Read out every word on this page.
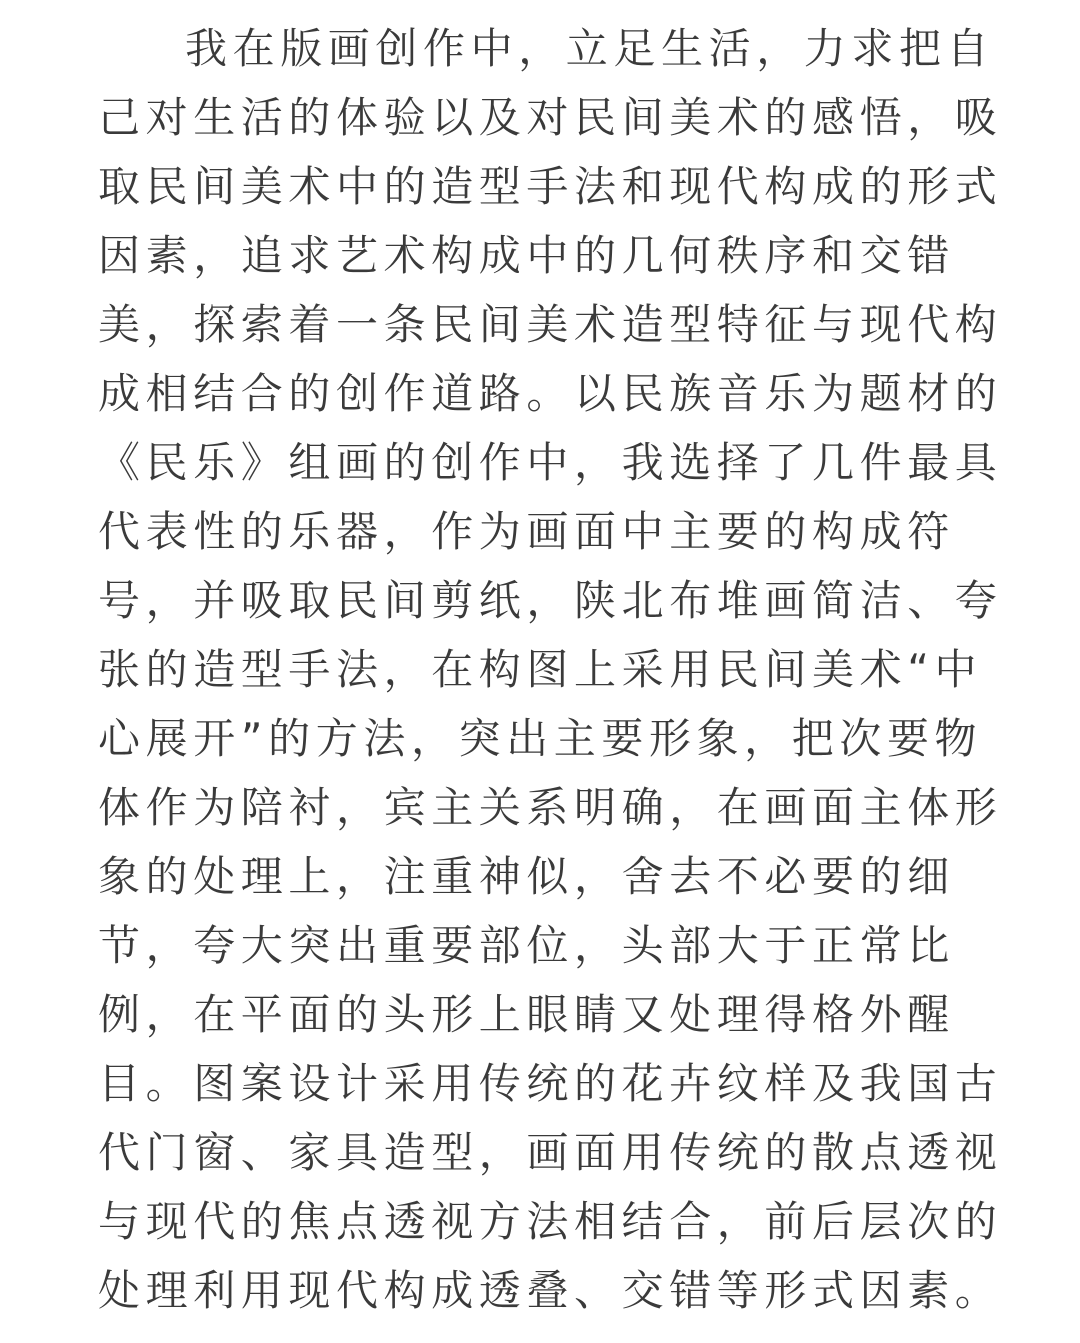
我在版画创作中，立足生活，力求把自
己对生活的体验以及对民间美术的感悟，吸
取民间美术中的造型手法和现代构成的形式
因素，追求艺术构成中的几何秩序和交错
美，探索着一条民间美术造型特征与现代构
成相结合的创作道路。以民族音乐为题材的
《民乐》组画的创作中，我选择了几件最具
代表性的乐器，作为画面中主要的构成符
号，并吸取民间剪纸，陕北布堆画简洁、夸
张的造型手法，在构图上采用民间美术“中
心展开”的方法，突出主要形象，把次要物
体作为陪衬，宾主关系明确，在画面主体形
象的处理上，注重神似，舍去不必要的细
节，夸大突出重要部位，头部大于正常比
例，在平面的头形上眼睛又处理得格外醒
目。图案设计采用传统的花卉纹样及我国古
代门窗、家具造型，画面用传统的散点透视
与现代的焦点透视方法相结合，前后层次的
处理利用现代构成透叠、交错等形式因素。
